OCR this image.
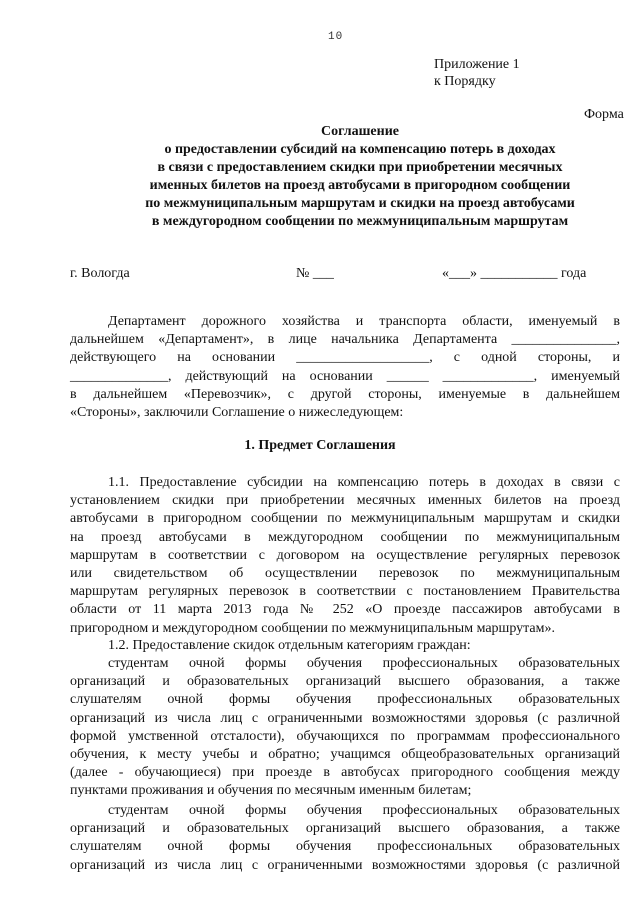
10
Приложение 1
к Порядку
Форма
Соглашение
о предоставлении субсидий на компенсацию потерь в доходах
в связи с предоставлением скидки при приобретении месячных
именных билетов на проезд автобусами в пригородном сообщении
по межмуниципальным маршрутам и скидки на проезд автобусами
в междугородном сообщении по межмуниципальным маршрутам
г. Вологда	№ ___	«___» ___________ года
Департамент дорожного хозяйства и транспорта области, именуемый в
дальнейшем «Департамент», в лице начальника Департамента _______________,
действующего на основании ___________________, с одной стороны, и
______________, действующий на основании ______ _____________, именуемый
в дальнейшем «Перевозчик», с другой стороны, именуемые в дальнейшем
«Стороны», заключили Соглашение о нижеследующем:
1. Предмет Соглашения
1.1. Предоставление субсидии на компенсацию потерь в доходах в связи с
установлением скидки при приобретении месячных именных билетов на проезд
автобусами в пригородном сообщении по межмуниципальным маршрутам и скидки
на проезд автобусами в междугородном сообщении по межмуниципальным
маршрутам в соответствии с договором на осуществление регулярных перевозок
или свидетельством об осуществлении перевозок по межмуниципальным
маршрутам регулярных перевозок в соответствии с постановлением Правительства
области от 11 марта 2013 года № 252 «О проезде пассажиров автобусами в
пригородном и междугородном сообщении по межмуниципальным маршрутам».
1.2. Предоставление скидок отдельным категориям граждан:
студентам очной формы обучения профессиональных образовательных
организаций и образовательных организаций высшего образования, а также
слушателям очной формы обучения профессиональных образовательных
организаций из числа лиц с ограниченными возможностями здоровья (с различной
формой умственной отсталости), обучающихся по программам профессионального
обучения, к месту учебы и обратно; учащимся общеобразовательных организаций
(далее - обучающиеся) при проезде в автобусах пригородного сообщения между
пунктами проживания и обучения по месячным именным билетам;
студентам очной формы обучения профессиональных образовательных
организаций и образовательных организаций высшего образования, а также
слушателям очной формы обучения профессиональных образовательных
организаций из числа лиц с ограниченными возможностями здоровья (с различной
